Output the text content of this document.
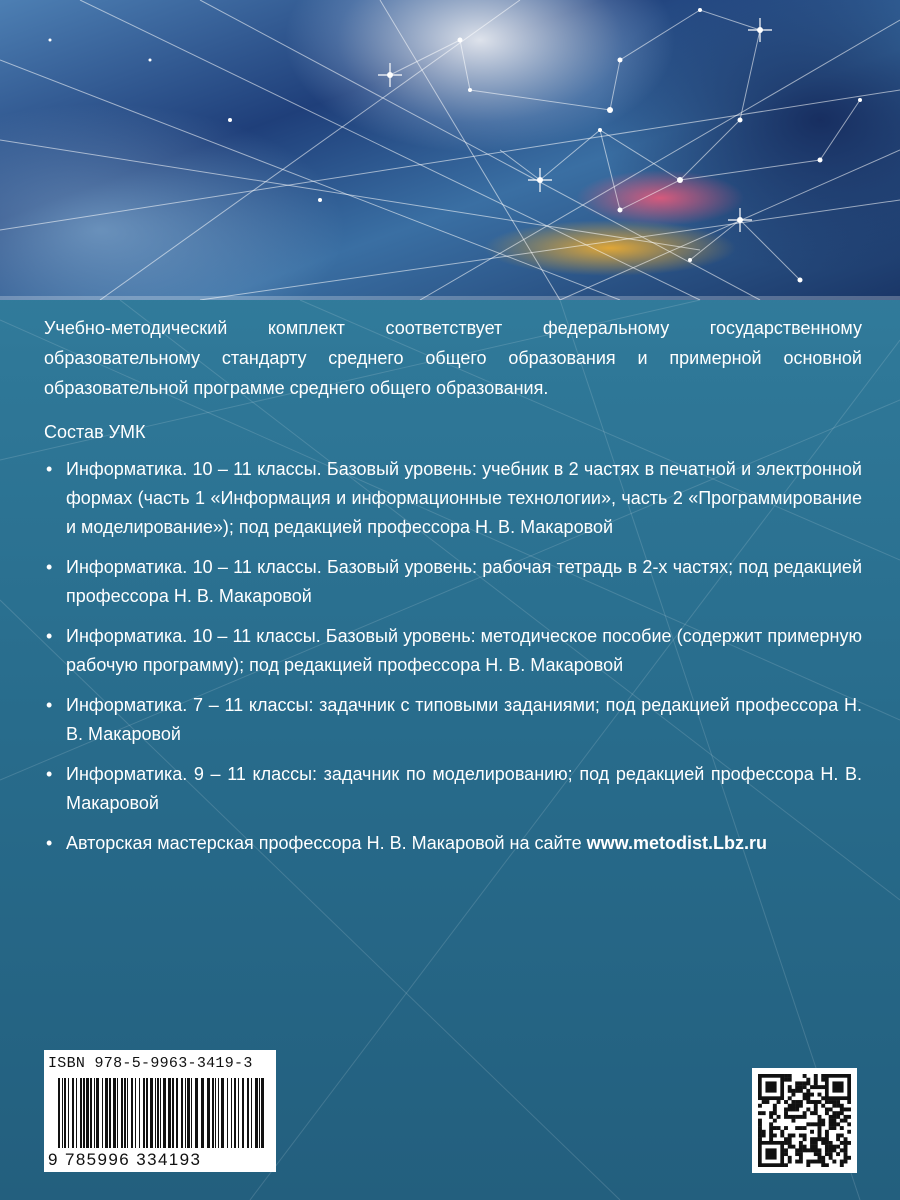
Учебно-методический комплект соответствует федеральному государственному образовательному стандарту среднего общего образования и примерной основной образовательной программе среднего общего образования.

Состав УМК
• Информатика. 10 – 11 классы. Базовый уровень: учебник в 2 частях в печатной и электронной формах (часть 1 «Информация и информационные технологии», часть 2 «Программирование и моделирование»); под редакцией профессора Н. В. Макаровой
• Информатика. 10 – 11 классы. Базовый уровень: рабочая тетрадь в 2-х частях; под редакцией профессора Н. В. Макаровой
• Информатика. 10 – 11 классы. Базовый уровень: методическое пособие (содержит примерную рабочую программу); под редакцией профессора Н. В. Макаровой
• Информатика. 7 – 11 классы: задачник с типовыми заданиями; под редакцией профессора Н. В. Макаровой
• Информатика. 9 – 11 классы: задачник по моделированию; под редакцией профессора Н. В. Макаровой
• Авторская мастерская профессора Н. В. Макаровой на сайте www.metodist.Lbz.ru
ISBN 978-5-9963-3419-3
9 785996 334193
